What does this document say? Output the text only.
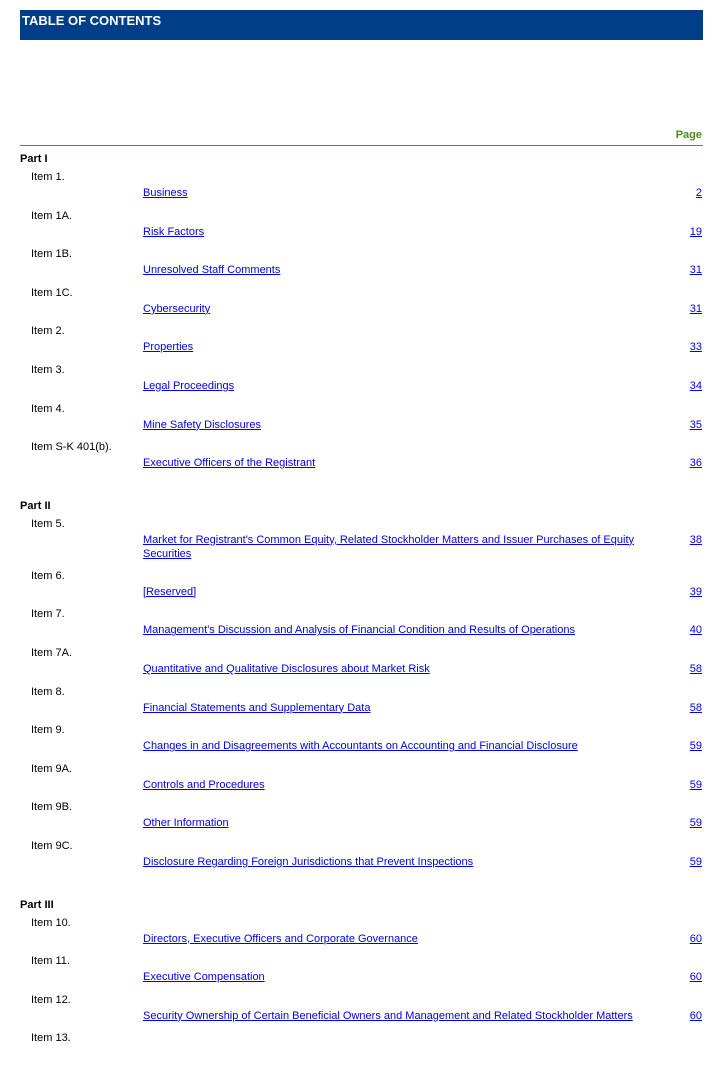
TABLE OF CONTENTS
Page
Part I
Item 1.
Business	2
Item 1A.
Risk Factors	19
Item 1B.
Unresolved Staff Comments	31
Item 1C.
Cybersecurity	31
Item 2.
Properties	33
Item 3.
Legal Proceedings	34
Item 4.
Mine Safety Disclosures	35
Item S-K 401(b).
Executive Officers of the Registrant	36
Part II
Item 5.
Market for Registrant's Common Equity, Related Stockholder Matters and Issuer Purchases of Equity Securities
38
Item 6.
[Reserved]	39
Item 7.
Management's Discussion and Analysis of Financial Condition and Results of Operations	40
Item 7A.
Quantitative and Qualitative Disclosures about Market Risk	58
Item 8.
Financial Statements and Supplementary Data	58
Item 9.
Changes in and Disagreements with Accountants on Accounting and Financial Disclosure	59
Item 9A.
Controls and Procedures	59
Item 9B.
Other Information	59
Item 9C.
Disclosure Regarding Foreign Jurisdictions that Prevent Inspections	59
Part III
Item 10.
Directors, Executive Officers and Corporate Governance	60
Item 11.
Executive Compensation	60
Item 12.
Security Ownership of Certain Beneficial Owners and Management and Related Stockholder Matters	60
Item 13.
